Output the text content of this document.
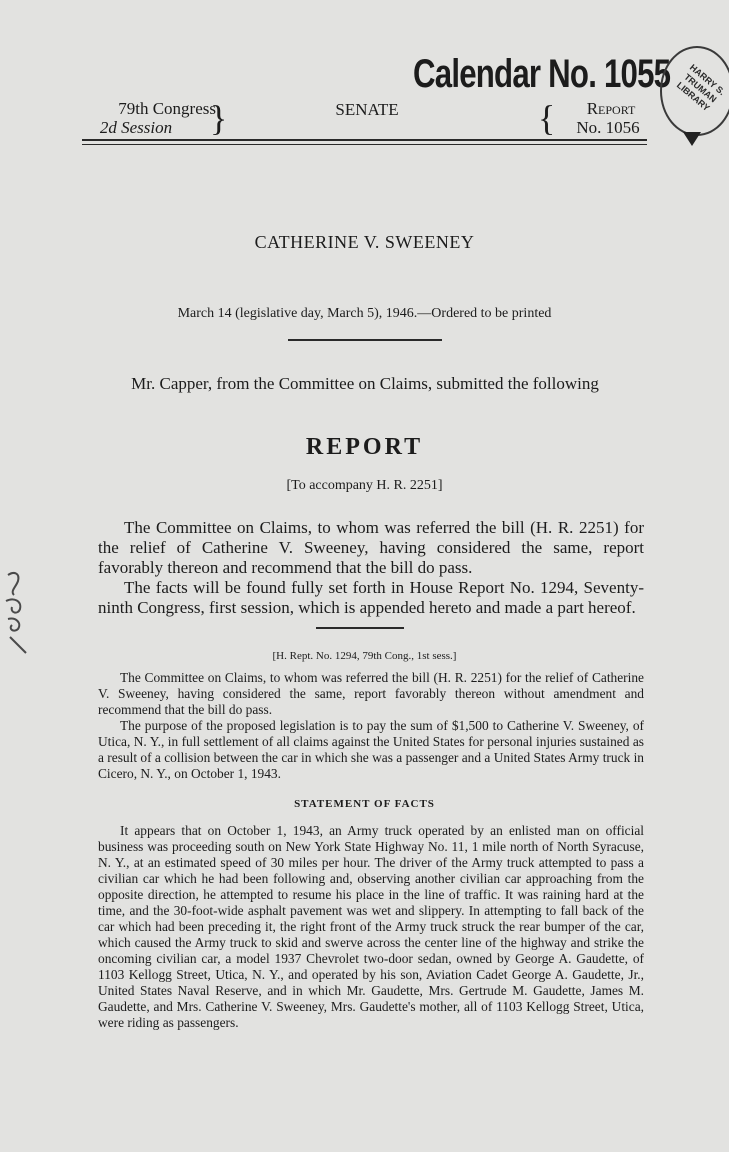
Calendar No. 1055	HARRY S. TRUMAN LIBRARY
79th Congress
2d Session	}	SENATE	{	Report
No. 1056
CATHERINE V. SWEENEY
March 14 (legislative day, March 5), 1946.—Ordered to be printed
Mr. Capper, from the Committee on Claims, submitted the following
REPORT
[To accompany H. R. 2251]
The Committee on Claims, to whom was referred the bill (H. R. 2251) for the relief of Catherine V. Sweeney, having considered the same, report favorably thereon and recommend that the bill do pass.
The facts will be found fully set forth in House Report No. 1294, Seventy-ninth Congress, first session, which is appended hereto and made a part hereof.
[H. Rept. No. 1294, 79th Cong., 1st sess.]
The Committee on Claims, to whom was referred the bill (H. R. 2251) for the relief of Catherine V. Sweeney, having considered the same, report favorably thereon without amendment and recommend that the bill do pass.
The purpose of the proposed legislation is to pay the sum of $1,500 to Catherine V. Sweeney, of Utica, N. Y., in full settlement of all claims against the United States for personal injuries sustained as a result of a collision between the car in which she was a passenger and a United States Army truck in Cicero, N. Y., on October 1, 1943.
STATEMENT OF FACTS
It appears that on October 1, 1943, an Army truck operated by an enlisted man on official business was proceeding south on New York State Highway No. 11, 1 mile north of North Syracuse, N. Y., at an estimated speed of 30 miles per hour. The driver of the Army truck attempted to pass a civilian car which he had been following and, observing another civilian car approaching from the opposite direction, he attempted to resume his place in the line of traffic. It was raining hard at the time, and the 30-foot-wide asphalt pavement was wet and slippery. In attempting to fall back of the car which had been preceding it, the right front of the Army truck struck the rear bumper of the car, which caused the Army truck to skid and swerve across the center line of the highway and strike the oncoming civilian car, a model 1937 Chevrolet two-door sedan, owned by George A. Gaudette, of 1103 Kellogg Street, Utica, N. Y., and operated by his son, Aviation Cadet George A. Gaudette, Jr., United States Naval Reserve, and in which Mr. Gaudette, Mrs. Gertrude M. Gaudette, James M. Gaudette, and Mrs. Catherine V. Sweeney, Mrs. Gaudette's mother, all of 1103 Kellogg Street, Utica, were riding as passengers.
